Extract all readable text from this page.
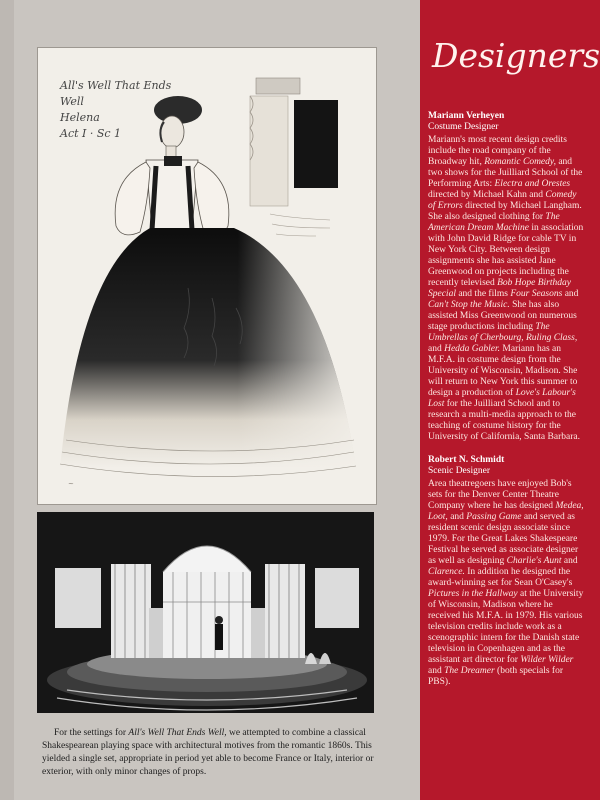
All's Well That Ends Well
Helena
Act I · Sc 1
~

For the settings for All's Well That Ends Well, we attempted to combine a classical Shakespearean playing space with architectural motives from the romantic 1860s. This yielded a single set, appropriate in period yet able to become France or Italy, interior or exterior, with only minor changes of props.

Designers
Mariann Verheyen
Costume Designer
Mariann's most recent design credits include the road company of the Broadway hit, Romantic Comedy, and two shows for the Juilliard School of the Performing Arts: Electra and Orestes directed by Michael Kahn and Comedy of Errors directed by Michael Langham. She also designed clothing for The American Dream Machine in association with John David Ridge for cable TV in New York City. Between design assignments she has assisted Jane Greenwood on projects including the recently televised Bob Hope Birthday Special and the films Four Seasons and Can't Stop the Music. She has also assisted Miss Greenwood on numerous stage productions including The Umbrellas of Cherbourg, Ruling Class, and Hedda Gabler. Mariann has an M.F.A. in costume design from the University of Wisconsin, Madison. She will return to New York this summer to design a production of Love's Labour's Lost for the Juilliard School and to research a multi-media approach to the teaching of costume history for the University of California, Santa Barbara.
Robert N. Schmidt
Scenic Designer
Area theatregoers have enjoyed Bob's sets for the Denver Center Theatre Company where he has designed Medea, Loot, and Passing Game and served as resident scenic design associate since 1979. For the Great Lakes Shakespeare Festival he served as associate designer as well as designing Charlie's Aunt and Clarence. In addition he designed the award-winning set for Sean O'Casey's Pictures in the Hallway at the University of Wisconsin, Madison where he received his M.F.A. in 1979. His various television credits include work as a scenographic intern for the Danish state television in Copenhagen and as the assistant art director for Wilder Wilder and The Dreamer (both specials for PBS).
